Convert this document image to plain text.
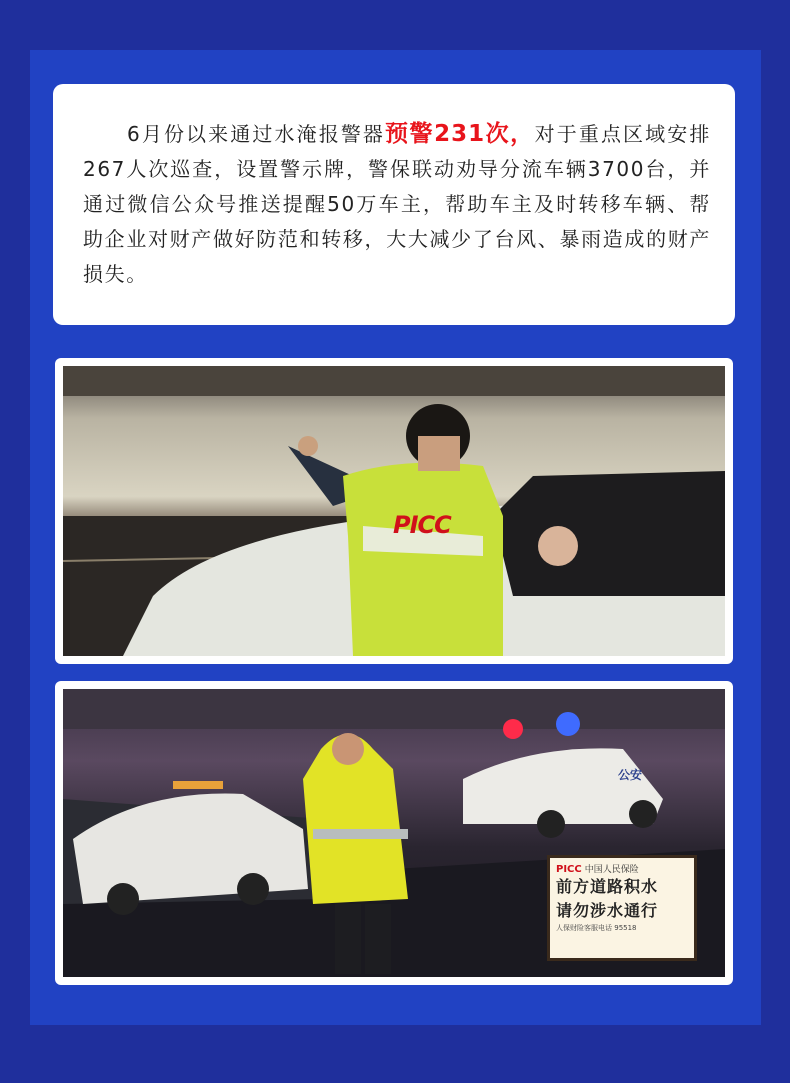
6月份以来通过水淹报警器预警231次，对于重点区域安排267人次巡查，设置警示牌，警保联动劝导分流车辆3700台，并通过微信公众号推送提醒50万车主，帮助车主及时转移车辆、帮助企业对财产做好防范和转移，大大减少了台风、暴雨造成的财产损失。

PICC
公安
PICC 中国人民保险
前方道路积水
请勿涉水通行
人保财险客服电话 95518
